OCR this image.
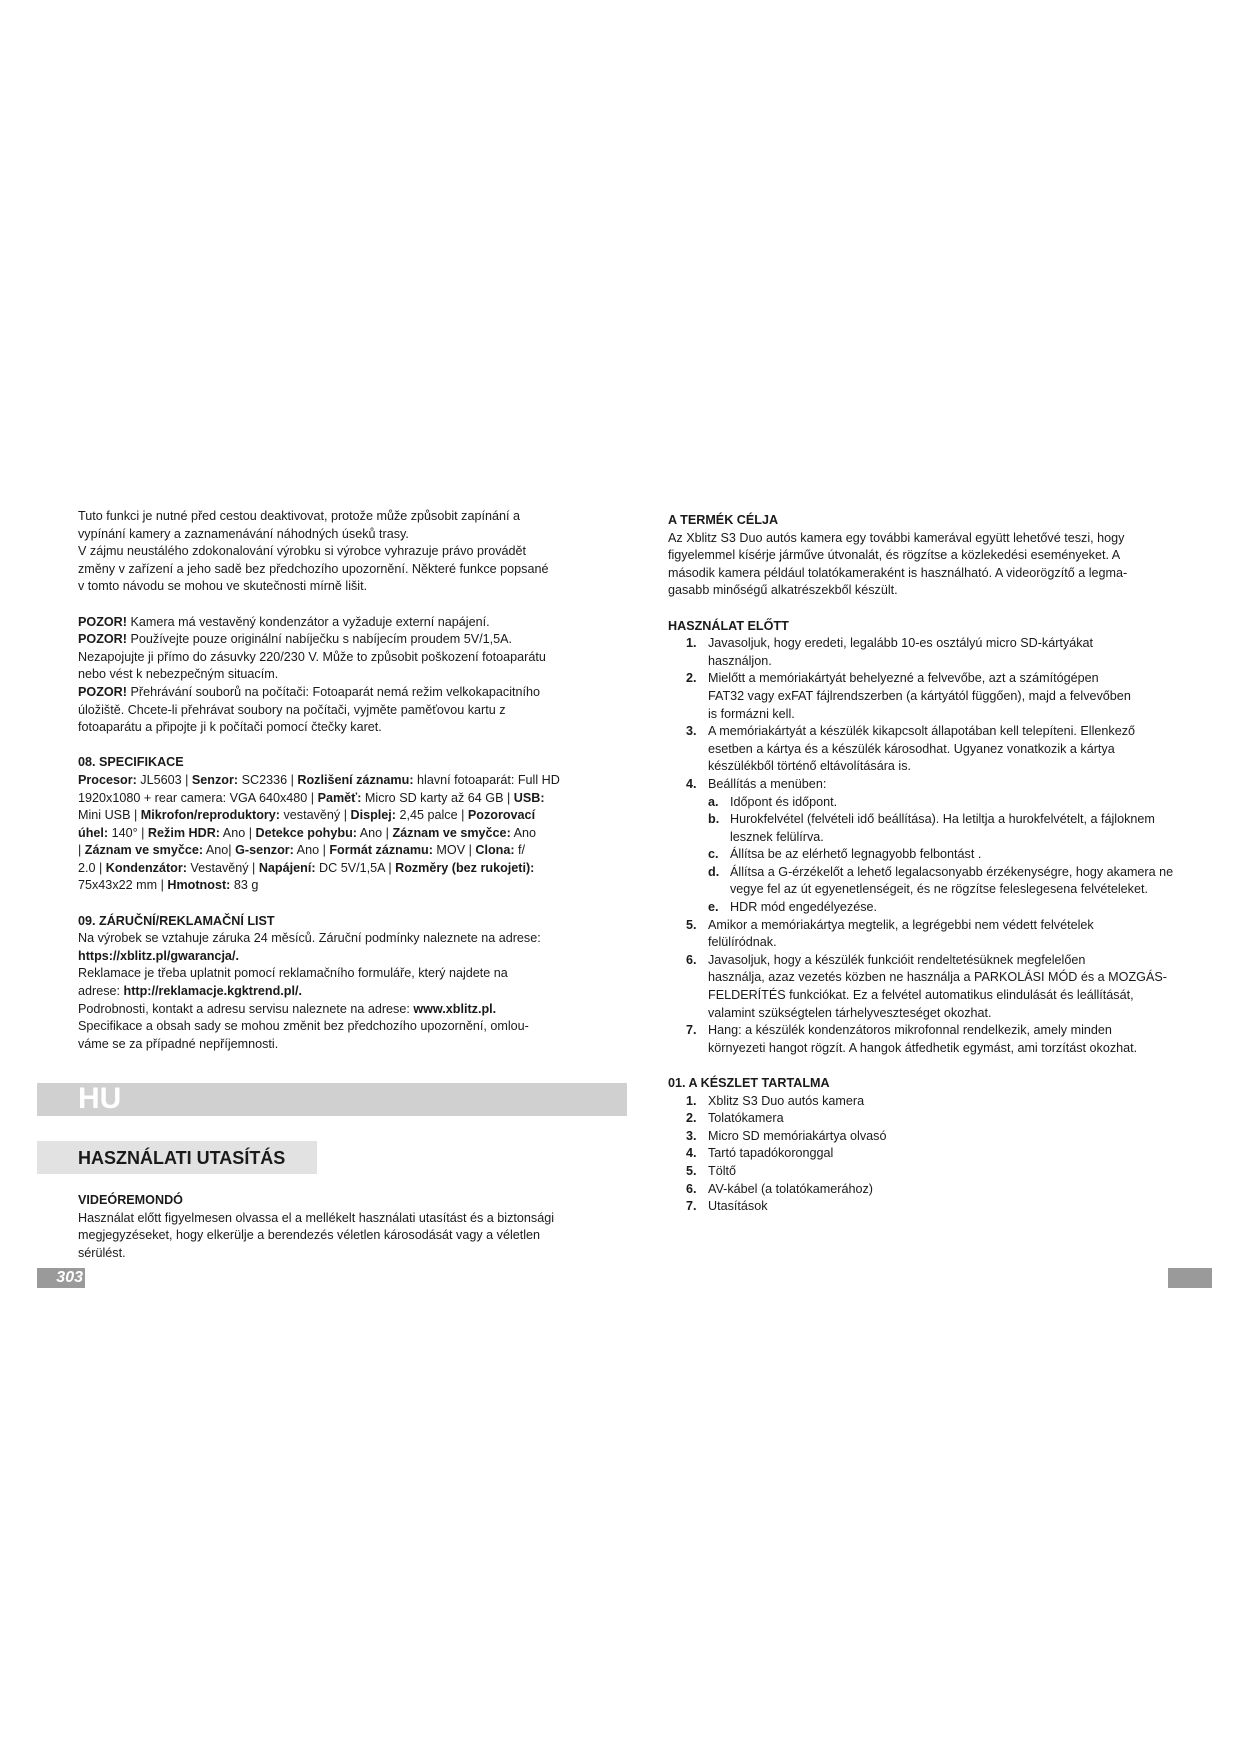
Tuto funkci je nutné před cestou deaktivovat, protože může způsobit zapínání a

vypínání kamery a zaznamenávání náhodných úseků trasy.

V zájmu neustálého zdokonalování výrobku si výrobce vyhrazuje právo provádět

změny v zařízení a jeho sadě bez předchozího upozornění. Některé funkce popsané

v tomto návodu se mohou ve skutečnosti mírně lišit.

POZOR! Kamera má vestavěný kondenzátor a vyžaduje externí napájení.

POZOR! Používejte pouze originální nabíječku s nabíjecím proudem 5V/1,5A.

Nezapojujte ji přímo do zásuvky 220/230 V. Může to způsobit poškození fotoaparátu

nebo vést k nebezpečným situacím.

POZOR! Přehrávání souborů na počítači: Fotoaparát nemá režim velkokapacitního

úložiště. Chcete-li přehrávat soubory na počítači, vyjměte paměťovou kartu z

fotoaparátu a připojte ji k počítači pomocí čtečky karet.

08. SPECIFIKACE

Procesor: JL5603 | Senzor: SC2336 | Rozlišení záznamu: hlavní fotoaparát: Full HD

1920x1080 + rear camera: VGA 640x480 | Paměť: Micro SD karty až 64 GB | USB:

Mini USB | Mikrofon/reproduktory: vestavěný | Displej: 2,45 palce | Pozorovací

úhel: 140° | Režim HDR: Ano | Detekce pohybu: Ano | Záznam ve smyčce: Ano

| Záznam ve smyčce: Ano| G-senzor: Ano | Formát záznamu: MOV | Clona: f/

2.0 | Kondenzátor: Vestavěný | Napájení: DC 5V/1,5A | Rozměry (bez rukojeti):

75x43x22 mm | Hmotnost: 83 g

09. ZÁRUČNÍ/REKLAMAČNÍ LIST

Na výrobek se vztahuje záruka 24 měsíců. Záruční podmínky naleznete na adrese:

https://xblitz.pl/gwarancja/.

Reklamace je třeba uplatnit pomocí reklamačního formuláře, který najdete na

adrese: http://reklamacje.kgktrend.pl/.

Podrobnosti, kontakt a adresu servisu naleznete na adrese: www.xblitz.pl.

Specifikace a obsah sady se mohou změnit bez předchozího upozornění, omlou-

váme se za případné nepříjemnosti.

HU
HASZNÁLATI UTASÍTÁS

VIDEÓREMONDÓ

Használat előtt figyelmesen olvassa el a mellékelt használati utasítást és a biztonsági

megjegyzéseket, hogy elkerülje a berendezés véletlen károsodását vagy a véletlen

sérülést.

303

A TERMÉK CÉLJA

Az Xblitz S3 Duo autós kamera egy további kamerával együtt lehetővé teszi, hogy

figyelemmel kísérje járműve útvonalát, és rögzítse a közlekedési eseményeket. A

második kamera például tolatókameraként is használható. A videorögzítő a legma-

gasabb minőségű alkatrészekből készült.

HASZNÁLAT ELŐTT

1. Javasoljuk, hogy eredeti, legalább 10-es osztályú micro SD-kártyákat
használjon.
2. Mielőtt a memóriakártyát behelyezné a felvevőbe, azt a számítógépen
FAT32 vagy exFAT fájlrendszerben (a kártyától függően), majd a felvevőben
is formázni kell.
3. A memóriakártyát a készülék kikapcsolt állapotában kell telepíteni. Ellenkező
esetben a kártya és a készülék károsodhat. Ugyanez vonatkozik a kártya
készülékből történő eltávolítására is.
4. Beállítás a menüben:
a. Időpont és időpont.
b. Hurokfelvétel (felvételi idő beállítása). Ha letiltja a hurokfelvételt, a fájloknem lesznek felülírva.
c. Állítsa be az elérhető legnagyobb felbontást .
d. Állítsa a G-érzékelőt a lehető legalacsonyabb érzékenységre, hogy akamera ne vegye fel az út egyenetlenségeit, és ne rögzítse feleslegesena felvételeket.
e. HDR mód engedélyezése.
5. Amikor a memóriakártya megtelik, a legrégebbi nem védett felvételek
felülíródnak.
6. Javasoljuk, hogy a készülék funkcióit rendeltetésüknek megfelelően
használja, azaz vezetés közben ne használja a PARKOLÁSI MÓD és a MOZGÁS-
FELDERÍTÉS funkciókat. Ez a felvétel automatikus elindulását és leállítását,
valamint szükségtelen tárhelyveszteséget okozhat.
7. Hang: a készülék kondenzátoros mikrofonnal rendelkezik, amely minden
környezeti hangot rögzít. A hangok átfedhetik egymást, ami torzítást okozhat.

01. A KÉSZLET TARTALMA

1. Xblitz S3 Duo autós kamera
2. Tolatókamera
3. Micro SD memóriakártya olvasó
4. Tartó tapadókoronggal
5. Töltő
6. AV-kábel (a tolatókamerához)
7. Utasítások
